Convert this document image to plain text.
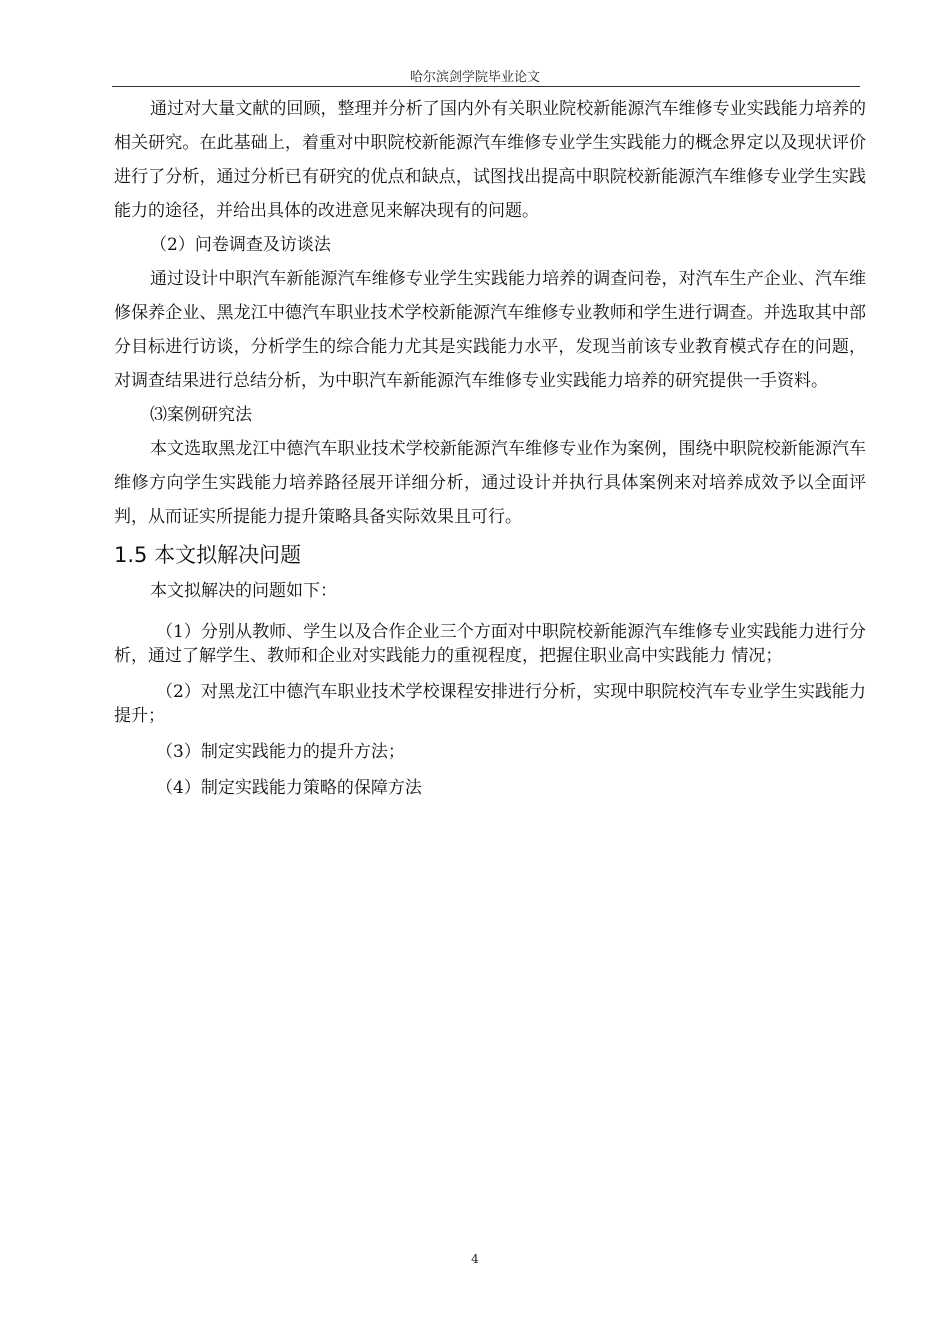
哈尔滨剑学院毕业论文

通过对大量文献的回顾，整理并分析了国内外有关职业院校新能源汽车维修专业实践能力培养的相关研究。在此基础上，着重对中职院校新能源汽车维修专业学生实践能力的概念界定以及现状评价进行了分析，通过分析已有研究的优点和缺点，试图找出提高中职院校新能源汽车维修专业学生实践能力的途径，并给出具体的改进意见来解决现有的问题。

（2）问卷调查及访谈法

通过设计中职汽车新能源汽车维修专业学生实践能力培养的调查问卷，对汽车生产企业、汽车维修保养企业、黑龙江中德汽车职业技术学校新能源汽车维修专业教师和学生进行调查。并选取其中部分目标进行访谈，分析学生的综合能力尤其是实践能力水平，发现当前该专业教育模式存在的问题，对调查结果进行总结分析，为中职汽车新能源汽车维修专业实践能力培养的研究提供一手资料。

⑶案例研究法

本文选取黑龙江中德汽车职业技术学校新能源汽车维修专业作为案例，围绕中职院校新能源汽车维修方向学生实践能力培养路径展开详细分析，通过设计并执行具体案例来对培养成效予以全面评判，从而证实所提能力提升策略具备实际效果且可行。

1.5 本文拟解决问题

本文拟解决的问题如下：

（1）分别从教师、学生以及合作企业三个方面对中职院校新能源汽车维修专业实践能力进行分析，通过了解学生、教师和企业对实践能力的重视程度，把握住职业高中实践能力 情况；

（2）对黑龙江中德汽车职业技术学校课程安排进行分析，实现中职院校汽车专业学生实践能力提升；

（3）制定实践能力的提升方法；

（4）制定实践能力策略的保障方法

4
